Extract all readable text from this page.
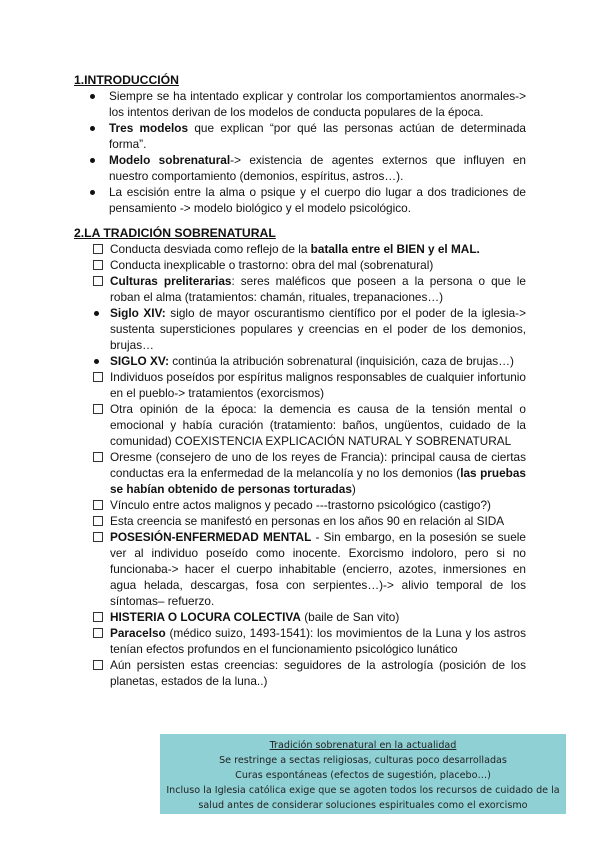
1.INTRODUCCIÓN
Siempre se ha intentado explicar y controlar los comportamientos anormales-> los intentos derivan de los modelos de conducta populares de la época.
Tres modelos que explican “por qué las personas actúan de determinada forma”.
Modelo sobrenatural-> existencia de agentes externos que influyen en nuestro comportamiento (demonios, espíritus, astros…).
La escisión entre la alma o psique y el cuerpo dio lugar a dos tradiciones de pensamiento -> modelo biológico y el modelo psicológico.
2.LA TRADICIÓN SOBRENATURAL
Conducta desviada como reflejo de la batalla entre el BIEN y el MAL.
Conducta inexplicable o trastorno: obra del mal (sobrenatural)
Culturas preliterarias: seres maléficos que poseen a la persona o que le roban el alma (tratamientos: chamán, rituales, trepanaciones…)
Siglo XIV: siglo de mayor oscurantismo científico por el poder de la iglesia-> sustenta supersticiones populares y creencias en el poder de los demonios, brujas…
SIGLO XV: continúa la atribución sobrenatural (inquisición, caza de brujas…)
Individuos poseídos por espíritus malignos responsables de cualquier infortunio en el pueblo-> tratamientos (exorcismos)
Otra opinión de la época: la demencia es causa de la tensión mental o emocional y había curación (tratamiento: baños, ungüentos, cuidado de la comunidad) COEXISTENCIA EXPLICACIÓN NATURAL Y SOBRENATURAL
Oresme (consejero de uno de los reyes de Francia): principal causa de ciertas conductas era la enfermedad de la melancolía y no los demonios (las pruebas se habían obtenido de personas torturadas)
Vínculo entre actos malignos y pecado ---trastorno psicológico (castigo?)
Esta creencia se manifestó en personas en los años 90 en relación al SIDA
POSESIÓN-ENFERMEDAD MENTAL - Sin embargo, en la posesión se suele ver al individuo poseído como inocente. Exorcismo indoloro, pero si no funcionaba-> hacer el cuerpo inhabitable (encierro, azotes, inmersiones en agua helada, descargas, fosa con serpientes…)-> alivio temporal de los síntomas– refuerzo.
HISTERIA O LOCURA COLECTIVA (baile de San vito)
Paracelso (médico suizo, 1493-1541): los movimientos de la Luna y los astros tenían efectos profundos en el funcionamiento psicológico lunático
Aún persisten estas creencias: seguidores de la astrología (posición de los planetas, estados de la luna..)
Tradición sobrenatural en la actualidad
Se restringe a sectas religiosas, culturas poco desarrolladas
Curas espontáneas (efectos de sugestión, placebo…)
Incluso la Iglesia católica exige que se agoten todos los recursos de cuidado de la salud antes de considerar soluciones espirituales como el exorcismo
